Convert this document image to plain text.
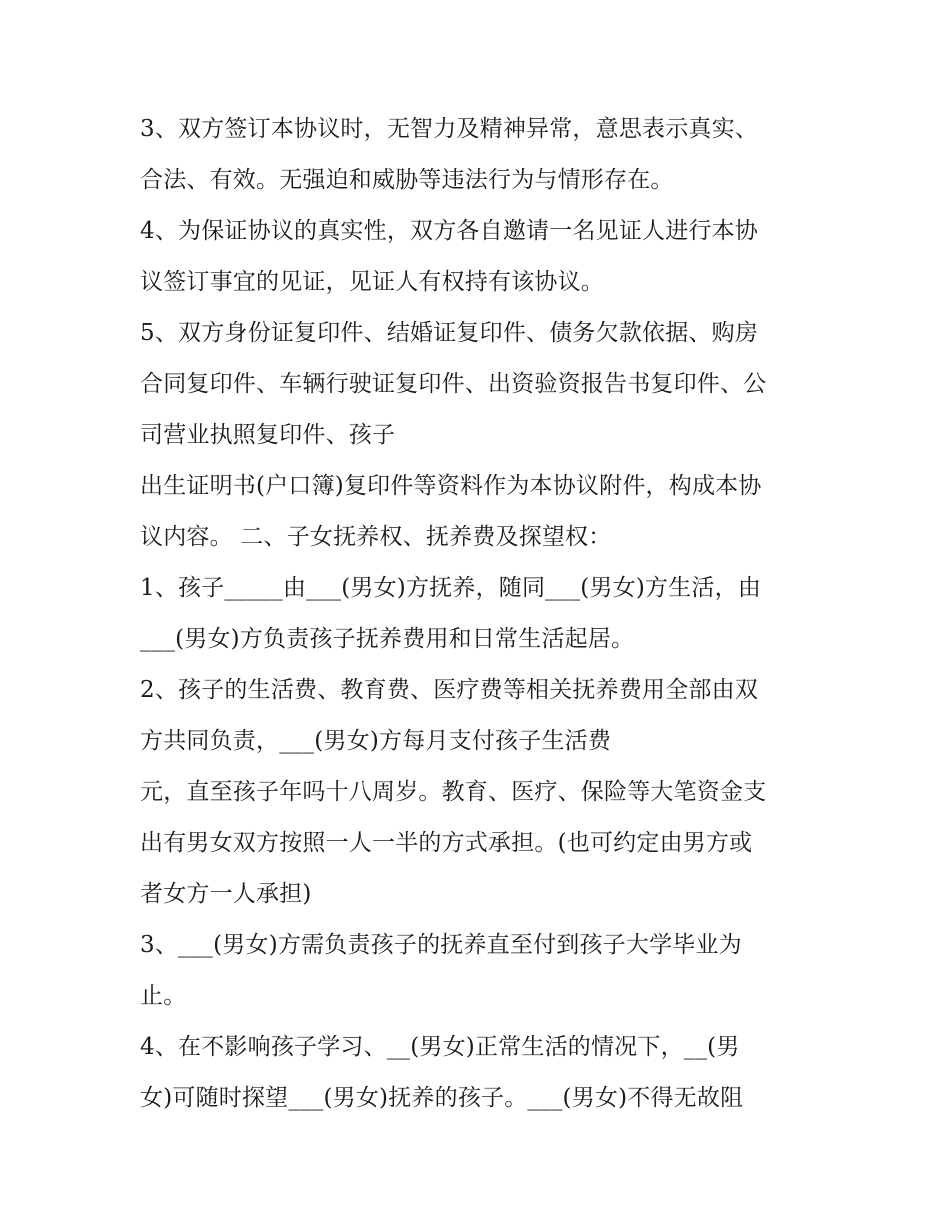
3、双方签订本协议时，无智力及精神异常，意思表示真实、
合法、有效。无强迫和威胁等违法行为与情形存在。
4、为保证协议的真实性，双方各自邀请一名见证人进行本协
议签订事宜的见证，见证人有权持有该协议。
5、双方身份证复印件、结婚证复印件、债务欠款依据、购房
合同复印件、车辆行驶证复印件、出资验资报告书复印件、公
司营业执照复印件、孩子
出生证明书(户口簿)复印件等资料作为本协议附件，构成本协
议内容。 二、子女抚养权、抚养费及探望权：
1、孩子_____由___(男女)方抚养，随同___(男女)方生活，由
___(男女)方负责孩子抚养费用和日常生活起居。
2、孩子的生活费、教育费、医疗费等相关抚养费用全部由双
方共同负责，___(男女)方每月支付孩子生活费
元，直至孩子年吗十八周岁。教育、医疗、保险等大笔资金支
出有男女双方按照一人一半的方式承担。(也可约定由男方或
者女方一人承担)
3、___(男女)方需负责孩子的抚养直至付到孩子大学毕业为
止。
4、在不影响孩子学习、__(男女)正常生活的情况下，__(男
女)可随时探望___(男女)抚养的孩子。___(男女)不得无故阻
